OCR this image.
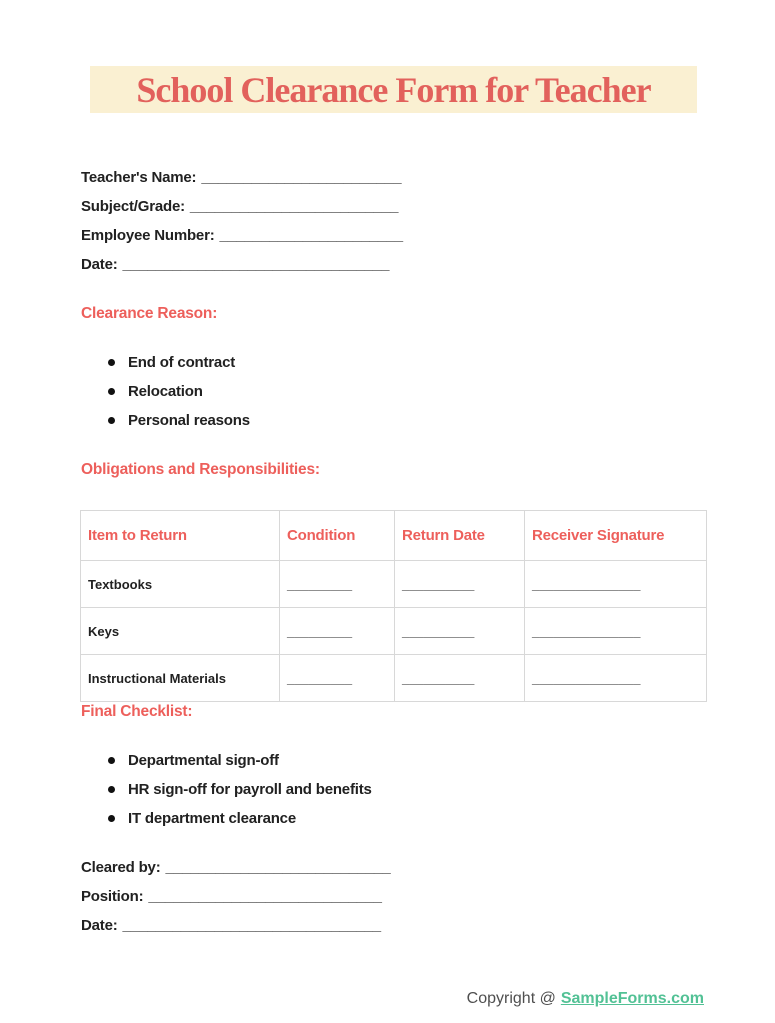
School Clearance Form for Teacher
Teacher's Name: ________________________
Subject/Grade: _________________________
Employee Number: ______________________
Date: ________________________________
Clearance Reason:
End of contract
Relocation
Personal reasons
Obligations and Responsibilities:
Item to Return	Condition	Return Date	Receiver Signature
Textbooks	_________	__________	_______________
Keys	_________	__________	_______________
Instructional Materials	_________	__________	_______________
Final Checklist:
Departmental sign-off
HR sign-off for payroll and benefits
IT department clearance
Cleared by: ___________________________
Position: ____________________________
Date: _______________________________
Copyright @ SampleForms.com
